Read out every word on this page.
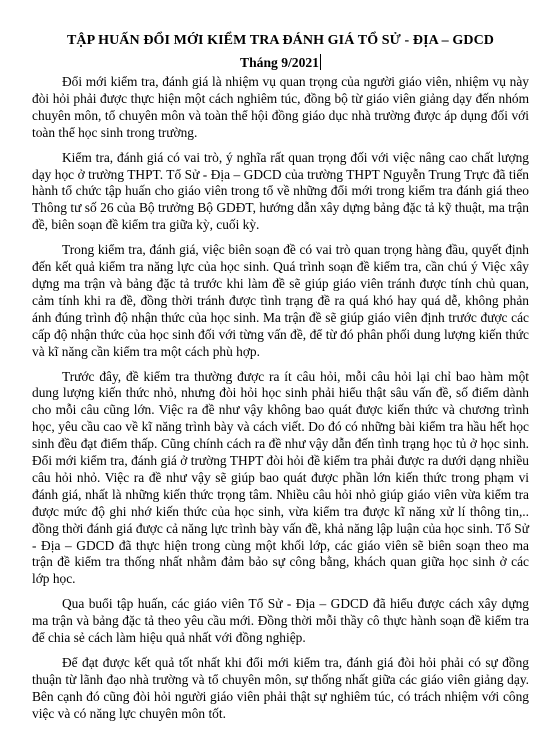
TẬP HUẤN ĐỔI MỚI KIỂM TRA ĐÁNH GIÁ TỔ SỬ - ĐỊA – GDCD
Tháng 9/2021

Đổi mới kiểm tra, đánh giá là nhiệm vụ quan trọng của người giáo viên, nhiệm vụ này đòi hỏi phải được thực hiện một cách nghiêm túc, đồng bộ từ giáo viên giảng dạy đến nhóm chuyên môn, tổ chuyên môn và toàn thể hội đồng giáo dục nhà trường được áp dụng đối với toàn thể học sinh trong trường.

Kiểm tra, đánh giá có vai trò, ý nghĩa rất quan trọng đối với việc nâng cao chất lượng dạy học ở trường THPT. Tổ Sử - Địa – GDCD của trường THPT Nguyễn Trung Trực đã tiến hành tổ chức tập huấn cho giáo viên trong tổ về những đổi mới trong kiểm tra đánh giá theo Thông tư số 26 của Bộ trưởng Bộ GDĐT, hướng dẫn xây dựng bảng đặc tả kỹ thuật, ma trận đề, biên soạn đề kiểm tra giữa kỳ, cuối kỳ.

Trong kiểm tra, đánh giá, việc biên soạn đề có vai trò quan trọng hàng đầu, quyết định đến kết quả kiểm tra năng lực của học sinh. Quá trình soạn đề kiểm tra, cần chú ý Việc xây dựng ma trận và bảng đặc tả trước khi làm đề sẽ giúp giáo viên tránh được tính chủ quan, cảm tính khi ra đề, đồng thời tránh được tình trạng đề ra quá khó hay quá dễ, không phản ánh đúng trình độ nhận thức của học sinh. Ma trận đề sẽ giúp giáo viên định trước được các cấp độ nhận thức của học sinh đối với từng vấn đề, để từ đó phân phối dung lượng kiến thức và kĩ năng cần kiểm tra một cách phù hợp.

Trước đây, đề kiểm tra thường được ra ít câu hỏi, mỗi câu hỏi lại chỉ bao hàm một dung lượng kiến thức nhỏ, nhưng đòi hỏi học sinh phải hiểu thật sâu vấn đề, số điểm dành cho mỗi câu cũng lớn. Việc ra đề như vậy không bao quát được kiến thức và chương trình học, yêu cầu cao về kĩ năng trình bày và cách viết. Do đó có những bài kiểm tra hầu hết học sinh đều đạt điểm thấp. Cũng chính cách ra đề như vậy dẫn đến tình trạng học tủ ở học sinh. Đổi mới kiểm tra, đánh giá ở trường THPT đòi hỏi đề kiểm tra phải được ra dưới dạng nhiều câu hỏi nhỏ. Việc ra đề như vậy sẽ giúp bao quát được phần lớn kiến thức trong phạm vi đánh giá, nhất là những kiến thức trọng tâm. Nhiều câu hỏi nhỏ giúp giáo viên vừa kiểm tra được mức độ ghi nhớ kiến thức của học sinh, vừa kiểm tra được kĩ năng xử lí thông tin,.. đồng thời đánh giá được cả năng lực trình bày vấn đề, khả năng lập luận của học sinh. Tổ Sử - Địa – GDCD đã thực hiện trong cùng một khối lớp, các giáo viên sẽ biên soạn theo ma trận đề kiểm tra thống nhất nhằm đảm bảo sự công bằng, khách quan giữa học sinh ở các lớp học.

Qua buổi tập huấn, các giáo viên Tổ Sử - Địa – GDCD đã hiểu được cách xây dựng ma trận và bảng đặc tả theo yêu cầu mới. Đồng thời mỗi thầy cô thực hành soạn đề kiểm tra để chia sẻ cách làm hiệu quả nhất với đồng nghiệp.

Để đạt được kết quả tốt nhất khi đổi mới kiểm tra, đánh giá đòi hỏi phải có sự đồng thuận từ lãnh đạo nhà trường và tổ chuyên môn, sự thống nhất giữa các giáo viên giảng dạy. Bên cạnh đó cũng đòi hỏi người giáo viên phải thật sự nghiêm túc, có trách nhiệm với công việc và có năng lực chuyên môn tốt.
